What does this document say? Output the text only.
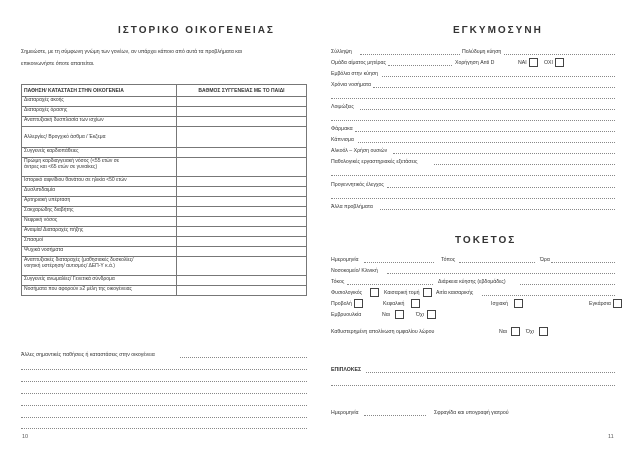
ΙΣΤΟΡΙΚΟ ΟΙΚΟΓΕΝΕΙΑΣ
Σημειώστε, με τη σύμφωνη γνώμη των γονέων, αν υπάρχει κάποιο από αυτά τα προβλήματα και
επικοινωνήστε όποτε απαιτείται.
ΠΑΘΗΣΗ/ ΚΑΤΑΣΤΑΣΗ ΣΤΗΝ ΟΙΚΟΓΕΝΕΙΑ	ΒΑΘΜΟΣ ΣΥΓΓΕΝΕΙΑΣ ΜΕ ΤΟ ΠΑΙΔΙ
Διαταραχές ακοής	
Διαταραχές όρασης	
Αναπτυξιακή δυσπλασία των ισχίων	
Αλλεργίες/ Βρογχικό άσθμα / Έκζεμα	
Συγγενείς καρδιοπάθειες	

Πρώιμη καρδιαγγειακή νόσος (<55 ετών σε
άντρες και <65 ετών σε γυναίκες)	

Ιστορικό αιφνίδιου θανάτου σε ηλικία <50 ετών	
Δυσλιπιδαιμία	
Αρτηριακή υπέρταση	
Σακχαρώδης διαβήτης	
Νεφρική νόσος	
Αναιμία/ Διαταραχές πήξης	
Σπασμοί	
Ψυχικά νοσήματα	

Αναπτυξιακές διαταραχές (μαθησιακές δυσκολίες/
νοητική υστέρηση/ αυτισμός/ ΔΕΠ-Υ κ.ά.)	

Συγγενείς ανωμαλίες/ Γενετικά σύνδρομα	
Νοσήματα που αφορούν ≥2 μέλη της οικογένειας	
Άλλες σημαντικές παθήσεις ή καταστάσεις στην οικογένεια
10
ΕΓΚΥΜΟΣΥΝΗ
Σύλληψη	Πολύδυμη κύηση
Ομάδα αίματος μητέρας	Χορήγηση Anti D	ΝΑΙ	ΟΧΙ
Εμβόλια στην κύηση
Χρόνια νοσήματα
Λοιμώξεις
Φάρμακα
Κάπνισμα
Αλκοόλ – Χρήση ουσιών
Παθολογικές εργαστηριακές εξετάσεις
Προγεννητικός έλεγχος
Άλλα προβλήματα
ΤΟΚΕΤΟΣ
Ημερομηνία	Τόπος	Ώρα
Νοσοκομείο/ Κλινική
Τόκος	Διάρκεια κύησης (εβδομάδες)
Φυσιολογικός	Καισαρική τομή	Αιτία καισαρικής
Προβολή	Κεφαλική	Ισχιακή	Εγκάρσια
Εμβρυουλκία	Ναι	Όχι
Καθυστερημένη απολίνωση ομφαλίου λώρου	Ναι	Όχι
ΕΠΙΠΛΟΚΕΣ
Ημερομηνία	Σφραγίδα και υπογραφή γιατρού
11
